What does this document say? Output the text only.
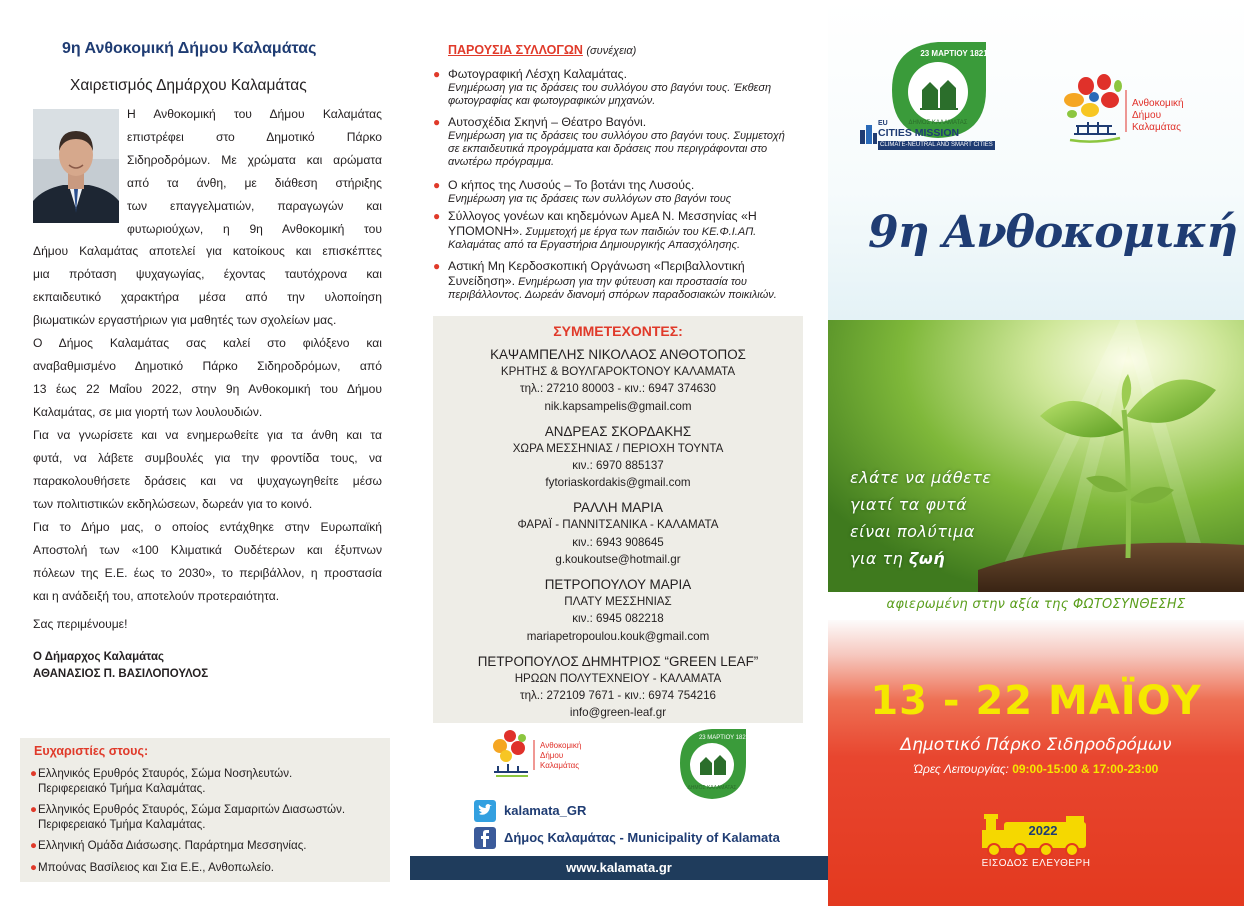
9η Ανθοκομική Δήμου Καλαμάτας
Χαιρετισμός Δημάρχου Καλαμάτας
Η Ανθοκομική του Δήμου Καλαμάτας
επιστρέφει στο Δημοτικό Πάρκο
Σιδηροδρόμων. Με χρώματα και αρώματα
από τα άνθη, με διάθεση στήριξης
των επαγγελματιών, παραγωγών και
φυτωριούχων, η 9η Ανθοκομική του
Δήμου Καλαμάτας αποτελεί για κατοίκους και επισκέπτες
μια πρόταση ψυχαγωγίας, έχοντας ταυτόχρονα και
εκπαιδευτικό χαρακτήρα μέσα από την υλοποίηση
βιωματικών εργαστήριων για μαθητές των σχολείων μας.
Ο Δήμος Καλαμάτας σας καλεί στο φιλόξενο και
αναβαθμισμένο Δημοτικό Πάρκο Σιδηροδρόμων, από
13 έως 22 Μαΐου 2022, στην 9η Ανθοκομική του Δήμου
Καλαμάτας, σε μια γιορτή των λουλουδιών.
Για να γνωρίσετε και να ενημερωθείτε για τα άνθη και τα
φυτά, να λάβετε συμβουλές για την φροντίδα τους, να
παρακολουθήσετε δράσεις και να ψυχαγωγηθείτε μέσω
των πολιτιστικών εκδηλώσεων, δωρεάν για το κοινό.
Για το Δήμο μας, ο οποίος εντάχθηκε στην Ευρωπαϊκή
Αποστολή των «100 Κλιματικά Ουδέτερων και έξυπνων
πόλεων της Ε.Ε. έως το 2030», το περιβάλλον, η προστασία
και η ανάδειξή του, αποτελούν προτεραιότητα.
Σας περιμένουμε!
Ο Δήμαρχος Καλαμάτας
ΑΘΑΝΑΣΙΟΣ Π. ΒΑΣΙΛΟΠΟΥΛΟΣ
Ευχαριστίες στους:
● Ελληνικός Ερυθρός Σταυρός, Σώμα Νοσηλευτών.
Περιφερειακό Τμήμα Καλαμάτας.
● Ελληνικός Ερυθρός Σταυρός, Σώμα Σαμαριτών Διασωστών.
Περιφερειακό Τμήμα Καλαμάτας.
● Ελληνική Ομάδα Διάσωσης. Παράρτημα Μεσσηνίας.
● Μπούνας Βασίλειος και Σια Ε.Ε., Ανθοπωλείο.
ΠΑΡΟΥΣΙΑ ΣΥΛΛΟΓΩΝ (συνέχεια)
● Φωτογραφική Λέσχη Καλαμάτας.
Ενημέρωση για τις δράσεις του συλλόγου στο βαγόνι τους. Έκθεση
φωτογραφίας και φωτογραφικών μηχανών.
● Αυτοσχέδια Σκηνή – Θέατρο Βαγόνι.
Ενημέρωση για τις δράσεις του συλλόγου στο βαγόνι τους. Συμμετοχή
σε εκπαιδευτικά προγράμματα και δράσεις που περιγράφονται στο
ανωτέρω πρόγραμμα.
● Ο κήπος της Λυσούς – Το βοτάνι της Λυσούς.
Ενημέρωση για τις δράσεις των συλλόγων στο βαγόνι τους
● Σύλλογος γονέων και κηδεμόνων ΑμεΑ Ν. Μεσσηνίας «Η
ΥΠΟΜΟΝΗ». Συμμετοχή με έργα των παιδιών του ΚΕ.Φ.Ι.ΑΠ.
Καλαμάτας από τα Εργαστήρια Δημιουργικής Απασχόλησης.
● Αστική Μη Κερδοσκοπική Οργάνωση «Περιβαλλοντική
Συνείδηση». Ενημέρωση για την φύτευση και προστασία του
περιβάλλοντος. Δωρεάν διανομή σπόρων παραδοσιακών ποικιλιών.
ΣΥΜΜΕΤΕΧΟΝΤΕΣ:
ΚΑΨΑΜΠΕΛΗΣ ΝΙΚΟΛΑΟΣ ΑΝΘΟΤΟΠΟΣ
ΚΡΗΤΗΣ & ΒΟΥΛΓΑΡΟΚΤΟΝΟΥ ΚΑΛΑΜΑΤΑ
τηλ.: 27210 80003 - κιν.: 6947 374630
nik.kapsampelis@gmail.com
ΑΝΔΡΕΑΣ ΣΚΟΡΔΑΚΗΣ
ΧΩΡΑ ΜΕΣΣΗΝΙΑΣ / ΠΕΡΙΟΧΗ ΤΟΥΝΤΑ
κιν.: 6970 885137
fytoriaskordakis@gmail.com
ΡΑΛΛΗ ΜΑΡΙΑ
ΦΑΡΑΪ - ΠΑΝΝΙΤΣΑΝΙΚΑ - ΚΑΛΑΜΑΤΑ
κιν.: 6943 908645
g.koukoutse@hotmail.gr
ΠΕΤΡΟΠΟΥΛΟΥ ΜΑΡΙΑ
ΠΛΑΤΥ ΜΕΣΣΗΝΙΑΣ
κιν.: 6945 082218
mariapetropoulou.kouk@gmail.com
ΠΕΤΡΟΠΟΥΛΟΣ ΔΗΜΗΤΡΙΟΣ “GREEN LEAF”
ΗΡΩΩΝ ΠΟΛΥΤΕΧΝΕΙΟΥ - ΚΑΛΑΜΑΤΑ
τηλ.: 272109 7671 - κιν.: 6974 754216
info@green-leaf.gr
Ανθοκομική
Δήμου
Καλαμάτας
ΔΗΜΟΣ ΚΑΛΑΜΑΤΑΣ
23 ΜΑΡΤΙΟΥ 1821
kalamata_GR
Δήμος Καλαμάτας - Municipality of Kalamata
www.kalamata.gr
ΔΗΜΟΣ ΚΑΛΑΜΑΤΑΣ
23 ΜΑΡΤΙΟΥ 1821
EU
CITIES MISSION
CLIMATE-NEUTRAL AND SMART CITIES
Ανθοκομική
Δήμου
Καλαμάτας
9η Ανθοκομική
ελάτε να μάθετε
γιατί τα φυτά
είναι πολύτιμα
για τη ζωή
αφιερωμένη στην αξία της ΦΩΤΟΣΥΝΘΕΣΗΣ
13 - 22 ΜΑΪΟΥ
Δημοτικό Πάρκο Σιδηροδρόμων
Ώρες Λειτουργίας: 09:00-15:00 & 17:00-23:00
2022
ΕΙΣΟΔΟΣ ΕΛΕΥΘΕΡΗ
